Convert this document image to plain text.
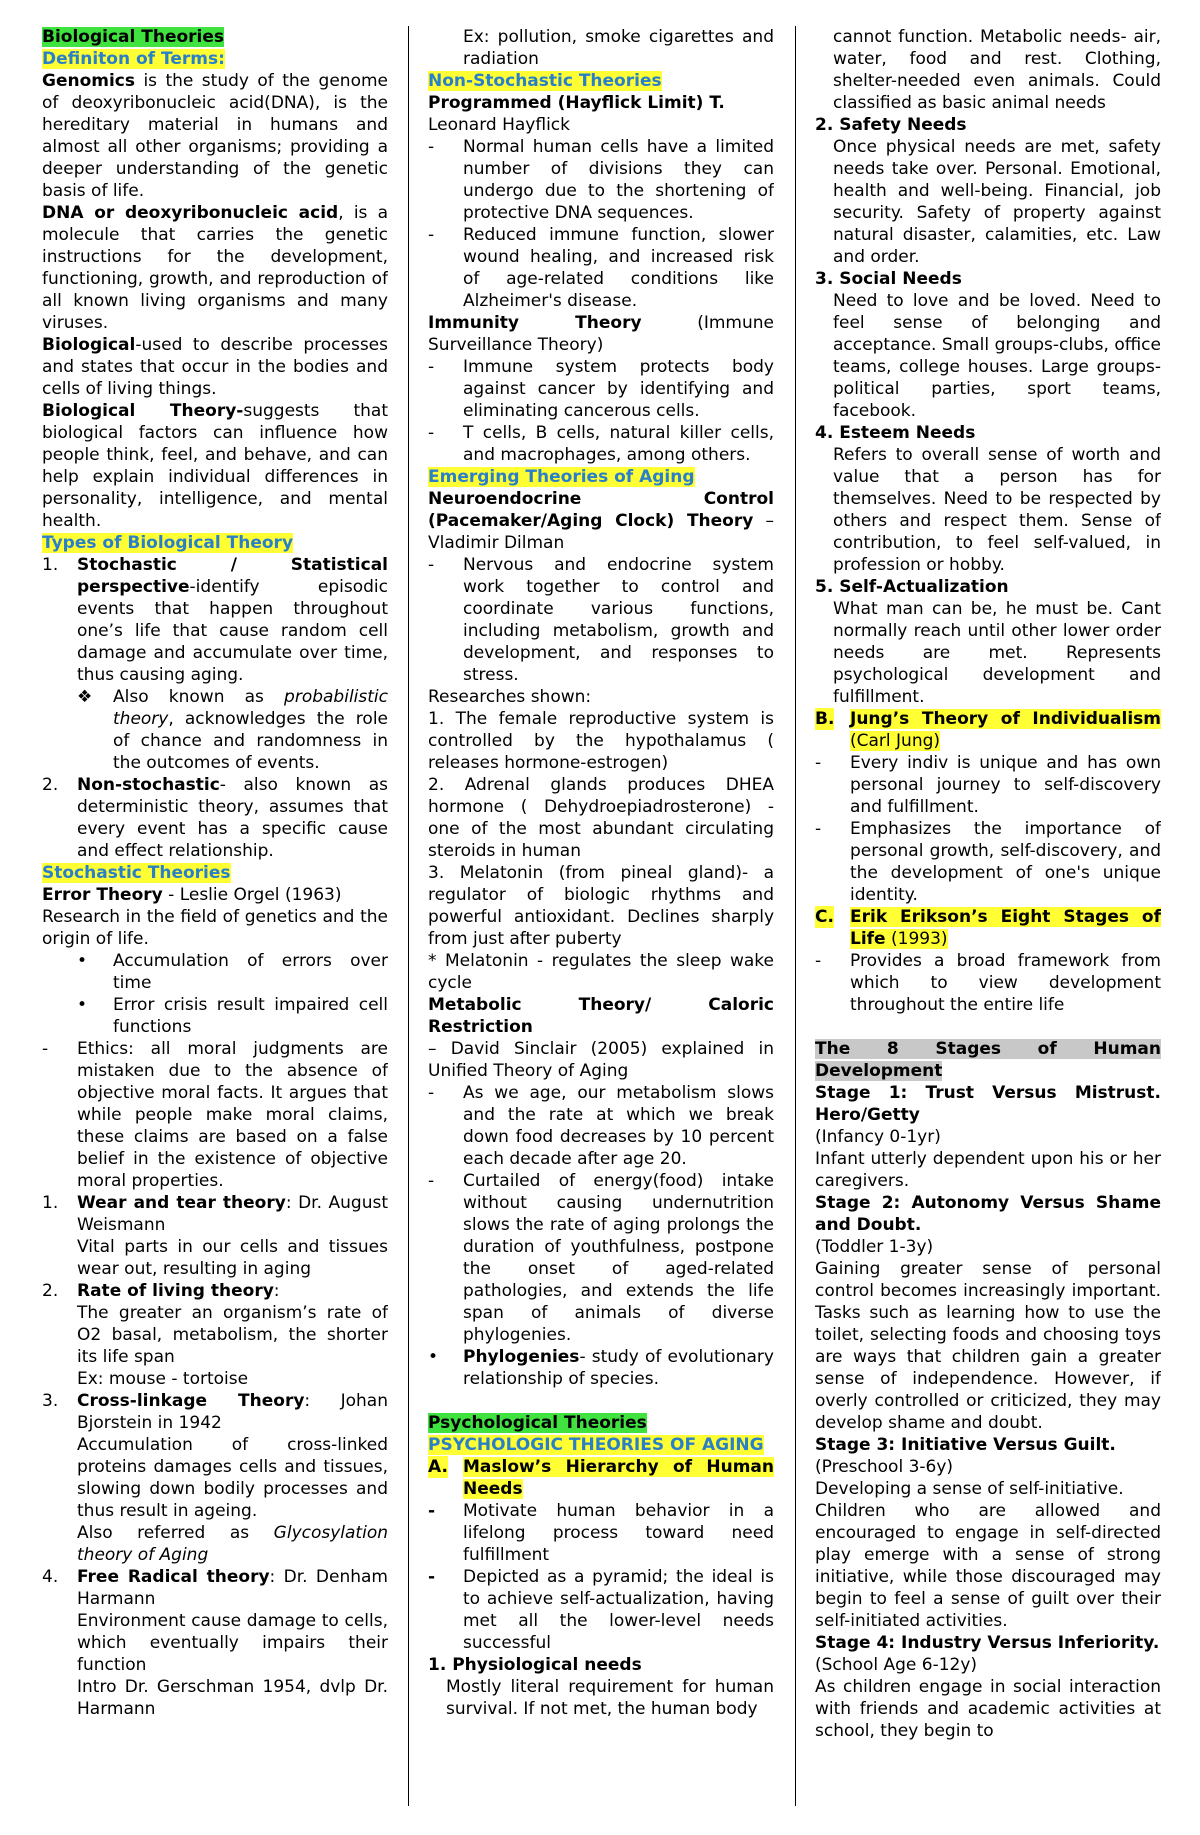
Biological Theories

Definiton of Terms:

Genomics is the study of the genome of deoxyribonucleic acid(DNA), is the hereditary material in humans and almost all other organisms; providing a deeper understanding of the genetic basis of life.

DNA or deoxyribonucleic acid, is a molecule that carries the genetic instructions for the development, functioning, growth, and reproduction of all known living organisms and many viruses.

Biological-used to describe processes and states that occur in the bodies and cells of living things.

Biological Theory-suggests that biological factors can influence how people think, feel, and behave, and can help explain individual differences in personality, intelligence, and mental health.

Types of Biological Theory

1. Stochastic / Statistical perspective-identify episodic events that happen throughout one’s life that cause random cell damage and accumulate over time, thus causing aging.
❖ Also known as probabilistic theory, acknowledges the role of chance and randomness in the outcomes of events.
2. Non-stochastic- also known as deterministic theory, assumes that every event has a specific cause and effect relationship.

Stochastic Theories

Error Theory - Leslie Orgel (1963)

Research in the field of genetics and the origin of life.

• Accumulation of errors over time
• Error crisis result impaired cell functions
- Ethics: all moral judgments are mistaken due to the absence of objective moral facts. It argues that while people make moral claims, these claims are based on a false belief in the existence of objective moral properties.
1. Wear and tear theory: Dr. August Weismann

Vital parts in our cells and tissues wear out, resulting in aging

2. Rate of living theory:

The greater an organism’s rate of O2 basal, metabolism, the shorter its life span

Ex: mouse - tortoise

3. Cross-linkage Theory: Johan Bjorstein in 1942

Accumulation of cross-linked proteins damages cells and tissues, slowing down bodily processes and thus result in ageing.

Also referred as Glycosylation theory of Aging

4. Free Radical theory: Dr. Denham Harmann

Environment cause damage to cells, which eventually impairs their function

Intro Dr. Gerschman 1954, dvlp Dr. Harmann

Ex: pollution, smoke cigarettes and radiation

Non-Stochastic Theories

Programmed (Hayflick Limit) T.

Leonard Hayflick

- Normal human cells have a limited number of divisions they can undergo due to the shortening of protective DNA sequences.
- Reduced immune function, slower wound healing, and increased risk of age-related conditions like Alzheimer's disease.

Immunity Theory (Immune Surveillance Theory)

- Immune system protects body against cancer by identifying and eliminating cancerous cells.
- T cells, B cells, natural killer cells, and macrophages, among others.

Emerging Theories of Aging

Neuroendocrine Control (Pacemaker/Aging Clock) Theory – Vladimir Dilman

- Nervous and endocrine system work together to control and coordinate various functions, including metabolism, growth and development, and responses to stress.

Researches shown:

1. The female reproductive system is controlled by the hypothalamus ( releases hormone-estrogen)

2. Adrenal glands produces DHEA hormone ( Dehydroepiadrosterone) - one of the most abundant circulating steroids in human

3. Melatonin (from pineal gland)- a regulator of biologic rhythms and powerful antioxidant. Declines sharply from just after puberty

* Melatonin - regulates the sleep wake cycle

Metabolic Theory/ Caloric Restriction

– David Sinclair (2005) explained in Unified Theory of Aging

- As we age, our metabolism slows and the rate at which we break down food decreases by 10 percent each decade after age 20.
- Curtailed of energy(food) intake without causing undernutrition slows the rate of aging prolongs the duration of youthfulness, postpone the onset of aged-related pathologies, and extends the life span of animals of diverse phylogenies.
• Phylogenies- study of evolutionary relationship of species.

Psychological Theories

PSYCHOLOGIC THEORIES OF AGING

A. Maslow’s Hierarchy of Human Needs
- Motivate human behavior in a lifelong process toward need fulfillment
- Depicted as a pyramid; the ideal is to achieve self-actualization, having met all the lower-level needs successful

1. Physiological needs

Mostly literal requirement for human survival. If not met, the human body

cannot function. Metabolic needs- air, water, food and rest. Clothing, shelter-needed even animals. Could classified as basic animal needs

2. Safety Needs

Once physical needs are met, safety needs take over. Personal. Emotional, health and well-being. Financial, job security. Safety of property against natural disaster, calamities, etc. Law and order.

3. Social Needs

Need to love and be loved. Need to feel sense of belonging and acceptance. Small groups-clubs, office teams, college houses. Large groups- political parties, sport teams, facebook.

4. Esteem Needs

Refers to overall sense of worth and value that a person has for themselves. Need to be respected by others and respect them. Sense of contribution, to feel self-valued, in profession or hobby.

5. Self-Actualization

What man can be, he must be. Cant normally reach until other lower order needs are met. Represents psychological development and fulfillment.

B. Jung’s Theory of Individualism (Carl Jung)
- Every indiv is unique and has own personal journey to self-discovery and fulfillment.
- Emphasizes the importance of personal growth, self-discovery, and the development of one's unique identity.
C. Erik Erikson’s Eight Stages of Life (1993)
- Provides a broad framework from which to view development throughout the entire life

The 8 Stages of Human Development

Stage 1: Trust Versus Mistrust. Hero/Getty

(Infancy 0-1yr)

Infant utterly dependent upon his or her caregivers.

Stage 2: Autonomy Versus Shame and Doubt.

(Toddler 1-3y)

Gaining greater sense of personal control becomes increasingly important. Tasks such as learning how to use the toilet, selecting foods and choosing toys are ways that children gain a greater sense of independence. However, if overly controlled or criticized, they may develop shame and doubt.

Stage 3: Initiative Versus Guilt.

(Preschool 3-6y)

Developing a sense of self-initiative.

Children who are allowed and encouraged to engage in self-directed play emerge with a sense of strong initiative, while those discouraged may begin to feel a sense of guilt over their self-initiated activities.

Stage 4: Industry Versus Inferiority.

(School Age 6-12y)

As children engage in social interaction with friends and academic activities at school, they begin to
